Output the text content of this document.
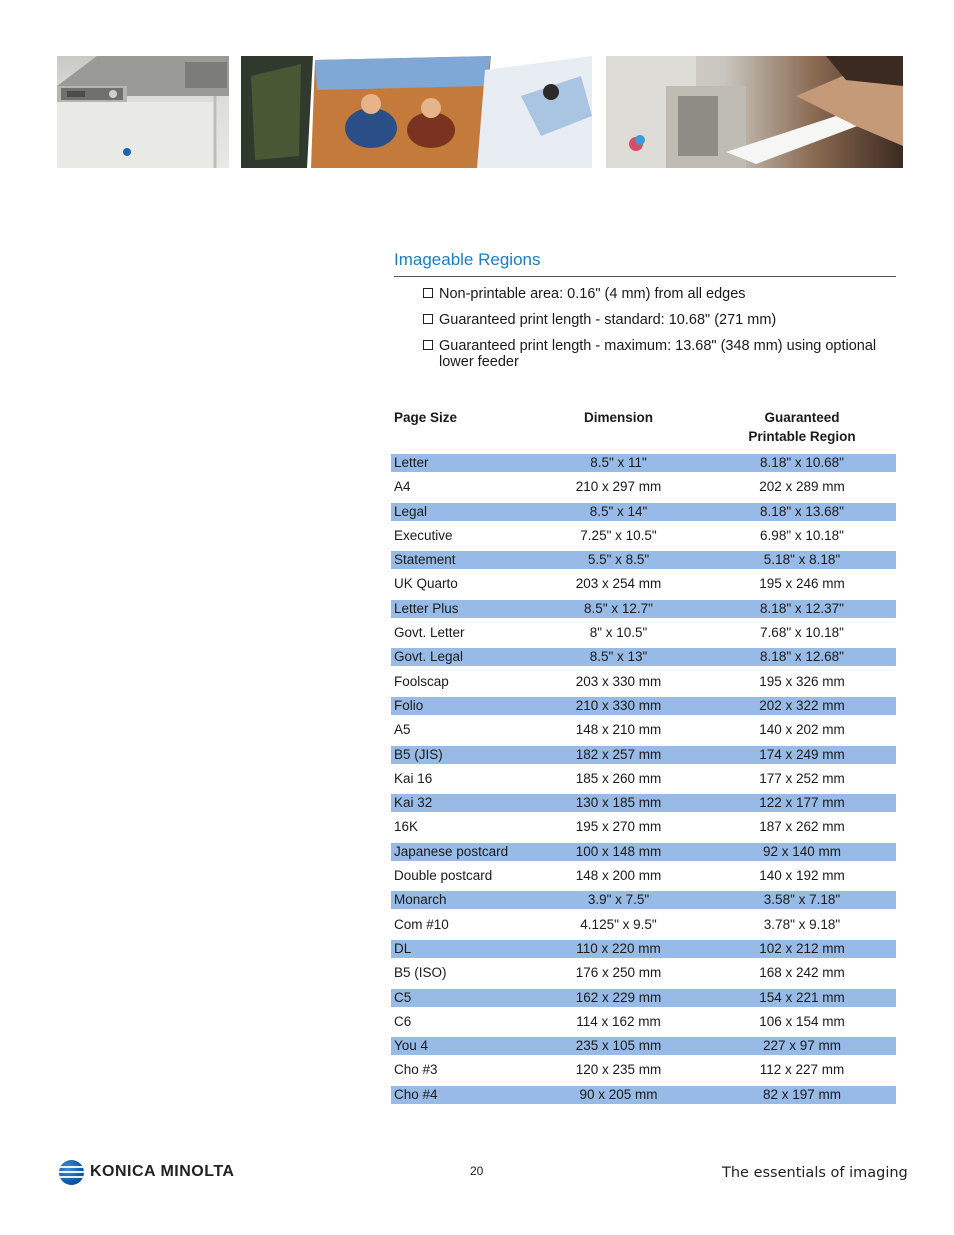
Imageable Regions
Non-printable area: 0.16" (4 mm) from all edges
Guaranteed print length - standard: 10.68" (271 mm)
Guaranteed print length - maximum: 13.68" (348 mm) using optional lower feeder
Page Size	Dimension	Guaranteed
Printable Region
Letter	8.5" x 11"	8.18" x 10.68"
A4	210 x 297 mm	202 x 289 mm
Legal	8.5" x 14"	8.18" x 13.68"
Executive	7.25" x 10.5"	6.98" x 10.18"
Statement	5.5" x 8.5"	5.18" x 8.18"
UK Quarto	203 x 254 mm	195 x 246 mm
Letter Plus	8.5" x 12.7"	8.18" x 12.37"
Govt. Letter	8" x 10.5"	7.68" x 10.18"
Govt. Legal	8.5" x 13"	8.18" x 12.68"
Foolscap	203 x 330 mm	195 x 326 mm
Folio	210 x 330 mm	202 x 322 mm
A5	148 x 210 mm	140 x 202 mm
B5 (JIS)	182 x 257 mm	174 x 249 mm
Kai 16	185 x 260 mm	177 x 252 mm
Kai 32	130 x 185 mm	122 x 177 mm
16K	195 x 270 mm	187 x 262 mm
Japanese postcard	100 x 148 mm	92 x 140 mm
Double postcard	148 x 200 mm	140 x 192 mm
Monarch	3.9" x 7.5"	3.58" x 7.18"
Com #10	4.125" x 9.5"	3.78" x 9.18"
DL	110 x 220 mm	102 x 212 mm
B5 (ISO)	176 x 250 mm	168 x 242 mm
C5	162 x 229 mm	154 x 221 mm
C6	114 x 162 mm	106 x 154 mm
You 4	235 x 105 mm	227 x 97 mm
Cho #3	120 x 235 mm	112 x 227 mm
Cho #4	90 x 205 mm	82 x 197 mm
KONICA MINOLTA	20	The essentials of imaging
